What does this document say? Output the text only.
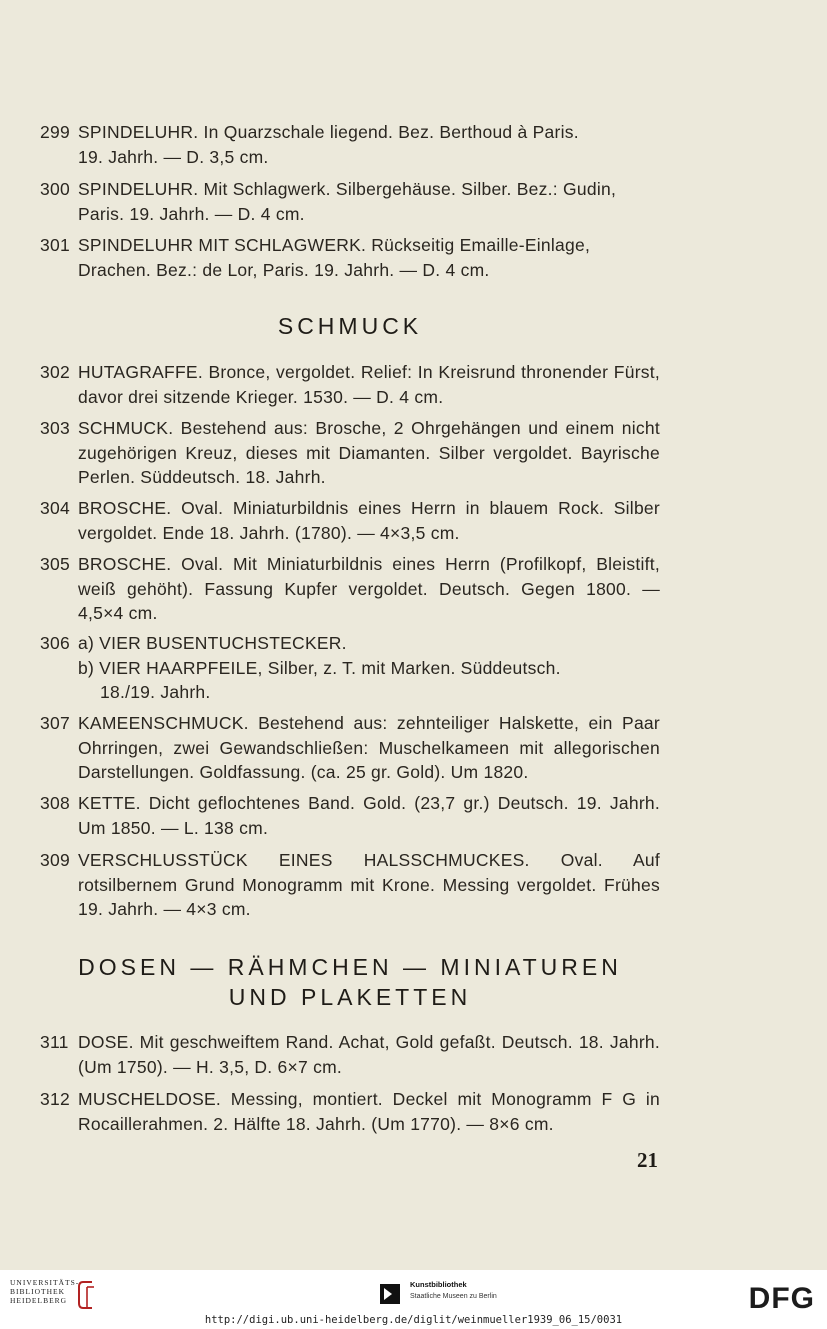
299 SPINDELUHR. In Quarzschale liegend. Bez. Berthoud à Paris.
19. Jahrh. — D. 3,5 cm.
300 SPINDELUHR. Mit Schlagwerk. Silbergehäuse. Silber. Bez.: Gudin,
Paris. 19. Jahrh. — D. 4 cm.
301 SPINDELUHR MIT SCHLAGWERK. Rückseitig Emaille-Einlage,
Drachen. Bez.: de Lor, Paris. 19. Jahrh. — D. 4 cm.
SCHMUCK
302 HUTAGRAFFE. Bronce, vergoldet. Relief: In Kreisrund thronender Fürst, davor drei sitzende Krieger. 1530. — D. 4 cm.
303 SCHMUCK. Bestehend aus: Brosche, 2 Ohrgehängen und einem nicht zugehörigen Kreuz, dieses mit Diamanten. Silber vergoldet. Bayrische Perlen. Süddeutsch. 18. Jahrh.
304 BROSCHE. Oval. Miniaturbildnis eines Herrn in blauem Rock. Silber vergoldet. Ende 18. Jahrh. (1780). — 4×3,5 cm.
305 BROSCHE. Oval. Mit Miniaturbildnis eines Herrn (Profilkopf, Bleistift, weiß gehöht). Fassung Kupfer vergoldet. Deutsch. Gegen 1800. — 4,5×4 cm.
306 a) VIER BUSENTUCHSTECKER.
b) VIER HAARPFEILE, Silber, z. T. mit Marken. Süddeutsch.
18./19. Jahrh.
307 KAMEENSCHMUCK. Bestehend aus: zehnteiliger Halskette, ein Paar Ohrringen, zwei Gewandschließen: Muschelkameen mit allegorischen Darstellungen. Goldfassung. (ca. 25 gr. Gold). Um 1820.
308 KETTE. Dicht geflochtenes Band. Gold. (23,7 gr.) Deutsch. 19. Jahrh. Um 1850. — L. 138 cm.
309 VERSCHLUSSTÜCK EINES HALSSCHMUCKES. Oval. Auf rotsilbernem Grund Monogramm mit Krone. Messing vergoldet. Frühes 19. Jahrh. — 4×3 cm.
DOSEN — RÄHMCHEN — MINIATUREN
UND PLAKETTEN
311 DOSE. Mit geschweiftem Rand. Achat, Gold gefaßt. Deutsch. 18. Jahrh. (Um 1750). — H. 3,5, D. 6×7 cm.
312 MUSCHELDOSE. Messing, montiert. Deckel mit Monogramm F G in Rocaillerahmen. 2. Hälfte 18. Jahrh. (Um 1770). — 8×6 cm.
21
UNIVERSITÄTS-
BIBLIOTHEK
HEIDELBERG
Kunstbibliothek
Staatliche Museen zu Berlin	DFG
http://digi.ub.uni-heidelberg.de/diglit/weinmueller1939_06_15/0031
